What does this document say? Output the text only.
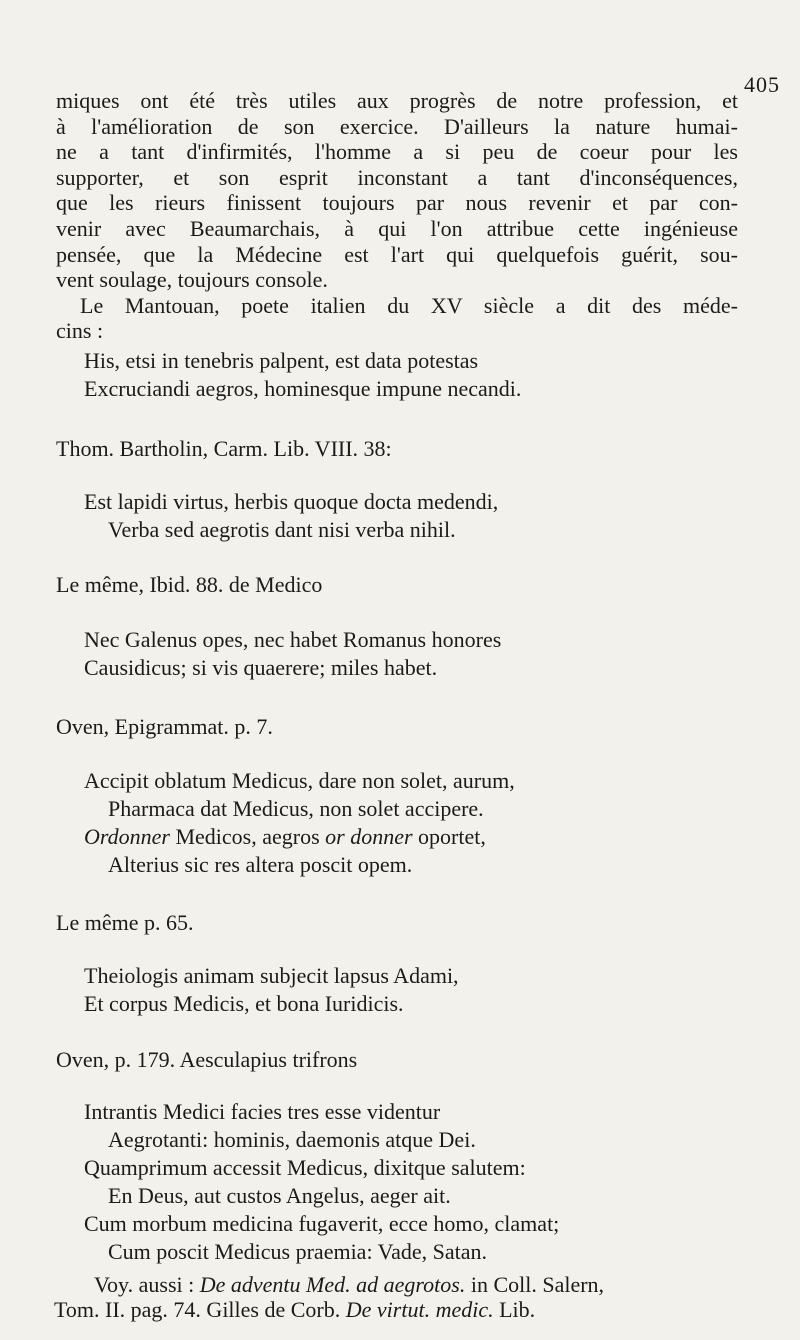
405
miques ont été très utiles aux progrès de notre profession, et
à l'amélioration de son exercice. D'ailleurs la nature humai-
ne a tant d'infirmités, l'homme a si peu de coeur pour les
supporter, et son esprit inconstant a tant d'inconséquences,
que les rieurs finissent toujours par nous revenir et par con-
venir avec Beaumarchais, à qui l'on attribue cette ingénieuse
pensée, que la Médecine est l'art qui quelquefois guérit, sou-
vent soulage, toujours console.
Le Mantouan, poete italien du XV siècle a dit des méde-
cins :
His, etsi in tenebris palpent, est data potestas
Excruciandi aegros, hominesque impune necandi.
Thom. Bartholin, Carm. Lib. VIII. 38:
Est lapidi virtus, herbis quoque docta medendi,
Verba sed aegrotis dant nisi verba nihil.
Le même, Ibid. 88. de Medico
Nec Galenus opes, nec habet Romanus honores
Causidicus; si vis quaerere; miles habet.
Oven, Epigrammat. p. 7.
Accipit oblatum Medicus, dare non solet, aurum,
Pharmaca dat Medicus, non solet accipere.
Ordonner Medicos, aegros or donner oportet,
Alterius sic res altera poscit opem.
Le même p. 65.
Theiologis animam subjecit lapsus Adami,
Et corpus Medicis, et bona Iuridicis.
Oven, p. 179. Aesculapius trifrons
Intrantis Medici facies tres esse videntur
Aegrotanti: hominis, daemonis atque Dei.
Quamprimum accessit Medicus, dixitque salutem:
En Deus, aut custos Angelus, aeger ait.
Cum morbum medicina fugaverit, ecce homo, clamat;
Cum poscit Medicus praemia: Vade, Satan.
Voy. aussi : De adventu Med. ad aegrotos. in Coll. Salern,
Tom. II. pag. 74. Gilles de Corb. De virtut. medic. Lib.
